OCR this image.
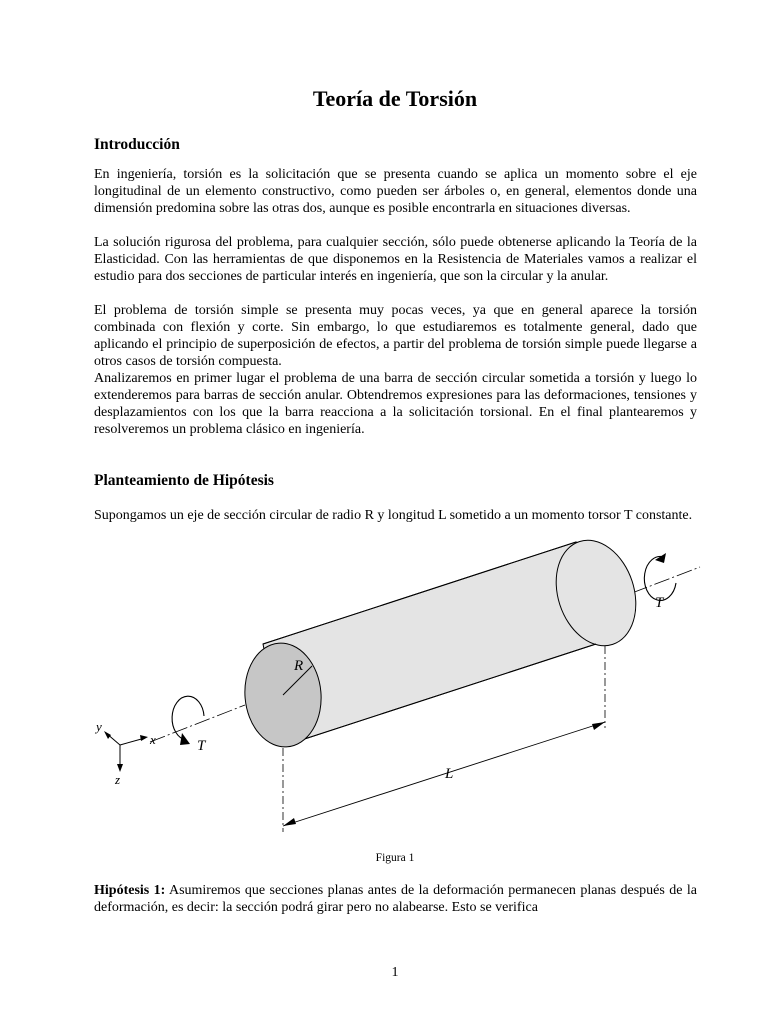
Teoría de Torsión
Introducción

En ingeniería, torsión es la solicitación que se presenta cuando se aplica un momento sobre el eje longitudinal de un elemento constructivo, como pueden ser árboles o, en general, elementos donde una dimensión predomina sobre las otras dos, aunque es posible encontrarla en situaciones diversas.

La solución rigurosa del problema, para cualquier sección, sólo puede obtenerse aplicando la Teoría de la Elasticidad. Con las herramientas de que disponemos en la Resistencia de Materiales vamos a realizar el estudio para dos secciones de particular interés en ingeniería, que son la circular y la anular.

El problema de torsión simple se presenta muy pocas veces, ya que en general aparece la torsión combinada con flexión y corte. Sin embargo, lo que estudiaremos es totalmente general, dado que aplicando el principio de superposición de efectos, a partir del problema de torsión simple puede llegarse a otros casos de torsión compuesta.

Analizaremos en primer lugar el problema de una barra de sección circular sometida a torsión y luego lo extenderemos para barras de sección anular. Obtendremos expresiones para las deformaciones, tensiones y desplazamientos con los que la barra reacciona a la solicitación torsional. En el final plantearemos y resolveremos un problema clásico en ingeniería.

Planteamiento de Hipótesis

Supongamos un eje de sección circular de radio R y longitud L sometido a un momento torsor T constante.

R
L
T
T
x
y
z

Figura 1

Hipótesis 1: Asumiremos que secciones planas antes de la deformación permanecen planas después de la deformación, es decir: la sección podrá girar pero no alabearse. Esto se verifica

1
